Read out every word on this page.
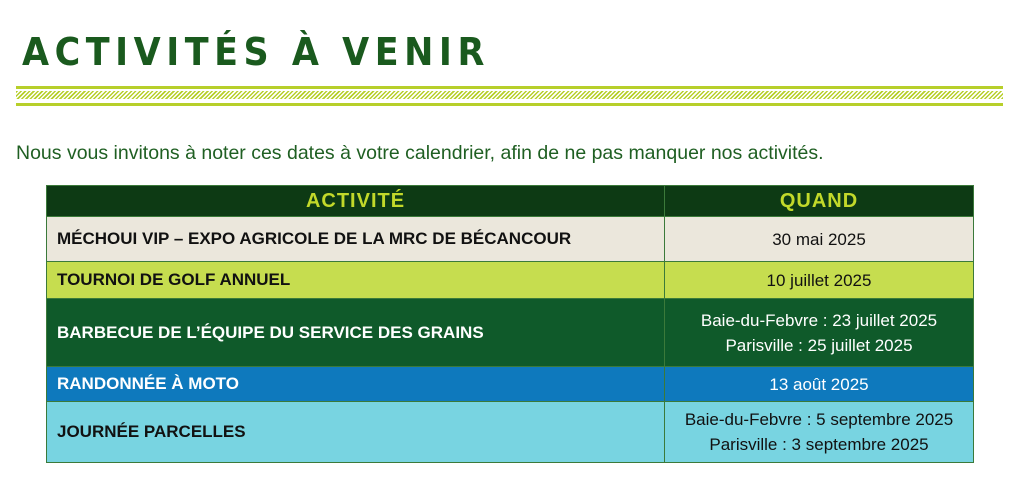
ACTIVITÉS À VENIR
Nous vous invitons à noter ces dates à votre calendrier, afin de ne pas manquer nos activités.
ACTIVITÉ	QUAND
MÉCHOUI VIP – EXPO AGRICOLE DE LA MRC DE BÉCANCOUR	30 mai 2025

TOURNOI DE GOLF ANNUEL	10 juillet 2025

BARBECUE DE L’ÉQUIPE DU SERVICE DES GRAINS	Baie-du-Febvre : 23 juillet 2025
Parisville : 25 juillet 2025

RANDONNÉE À MOTO	13 août 2025

JOURNÉE PARCELLES	Baie-du-Febvre : 5 septembre 2025
Parisville : 3 septembre 2025
